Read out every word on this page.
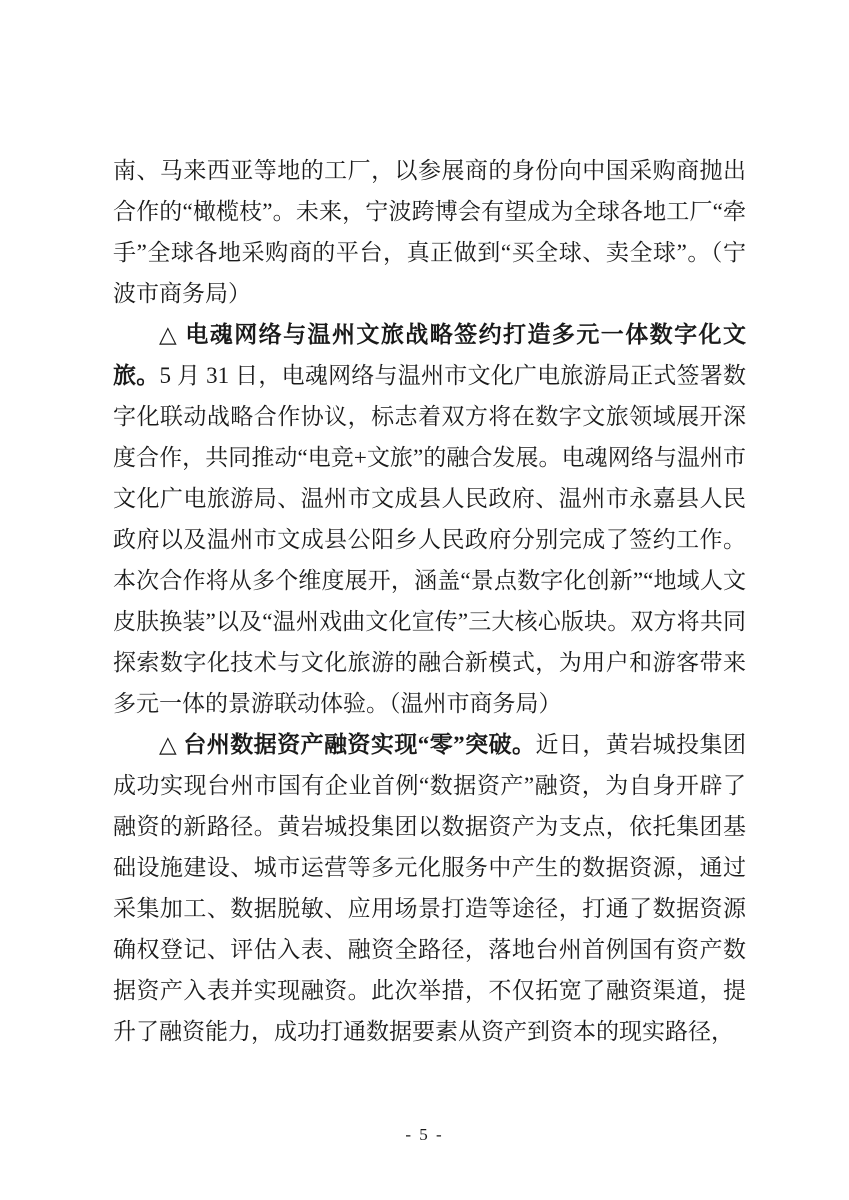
南、马来西亚等地的工厂，以参展商的身份向中国采购商抛出合作的“橄榄枝”。未来，宁波跨博会有望成为全球各地工厂“牵手”全球各地采购商的平台，真正做到“买全球、卖全球”。（宁波市商务局）

△ 电魂网络与温州文旅战略签约打造多元一体数字化文旅。5 月 31 日，电魂网络与温州市文化广电旅游局正式签署数字化联动战略合作协议，标志着双方将在数字文旅领域展开深度合作，共同推动“电竞+文旅”的融合发展。电魂网络与温州市文化广电旅游局、温州市文成县人民政府、温州市永嘉县人民政府以及温州市文成县公阳乡人民政府分别完成了签约工作。本次合作将从多个维度展开，涵盖“景点数字化创新”“地域人文皮肤换装”以及“温州戏曲文化宣传”三大核心版块。双方将共同探索数字化技术与文化旅游的融合新模式，为用户和游客带来多元一体的景游联动体验。（温州市商务局）

△ 台州数据资产融资实现“零”突破。近日，黄岩城投集团成功实现台州市国有企业首例“数据资产”融资，为自身开辟了融资的新路径。黄岩城投集团以数据资产为支点，依托集团基础设施建设、城市运营等多元化服务中产生的数据资源，通过采集加工、数据脱敏、应用场景打造等途径，打通了数据资源确权登记、评估入表、融资全路径，落地台州首例国有资产数据资产入表并实现融资。此次举措，不仅拓宽了融资渠道，提升了融资能力，成功打通数据要素从资产到资本的现实路径，

- 5 -
